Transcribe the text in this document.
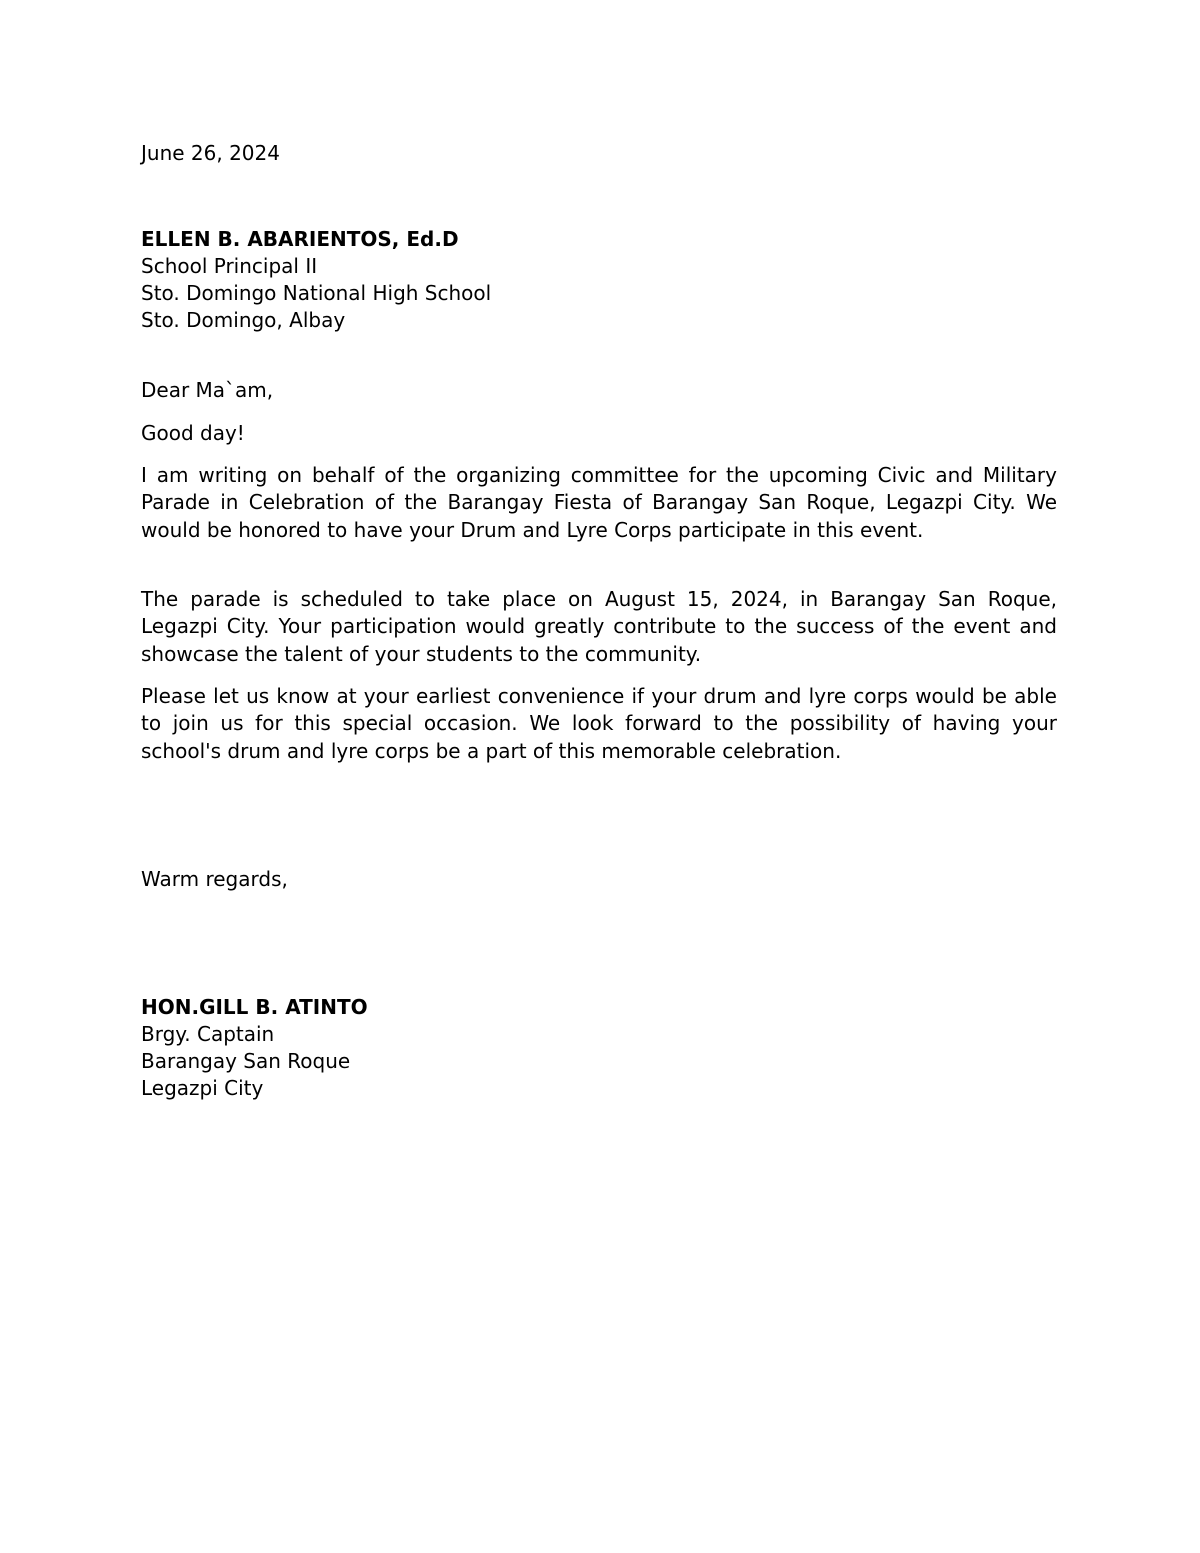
June 26, 2024
ELLEN B. ABARIENTOS, Ed.D
School Principal II
Sto. Domingo National High School
Sto. Domingo, Albay
Dear Ma`am,
Good day!

I am writing on behalf of the organizing committee for the upcoming Civic and Military Parade in Celebration of the Barangay Fiesta of Barangay San Roque, Legazpi City. We would be honored to have your Drum and Lyre Corps participate in this event.

The parade is scheduled to take place on August 15, 2024, in Barangay San Roque, Legazpi City. Your participation would greatly contribute to the success of the event and showcase the talent of your students to the community.

Please let us know at your earliest convenience if your drum and lyre corps would be able to join us for this special occasion. We look forward to the possibility of having your school's drum and lyre corps be a part of this memorable celebration.

Warm regards,
HON.GILL B. ATINTO
Brgy. Captain
Barangay San Roque
Legazpi City
